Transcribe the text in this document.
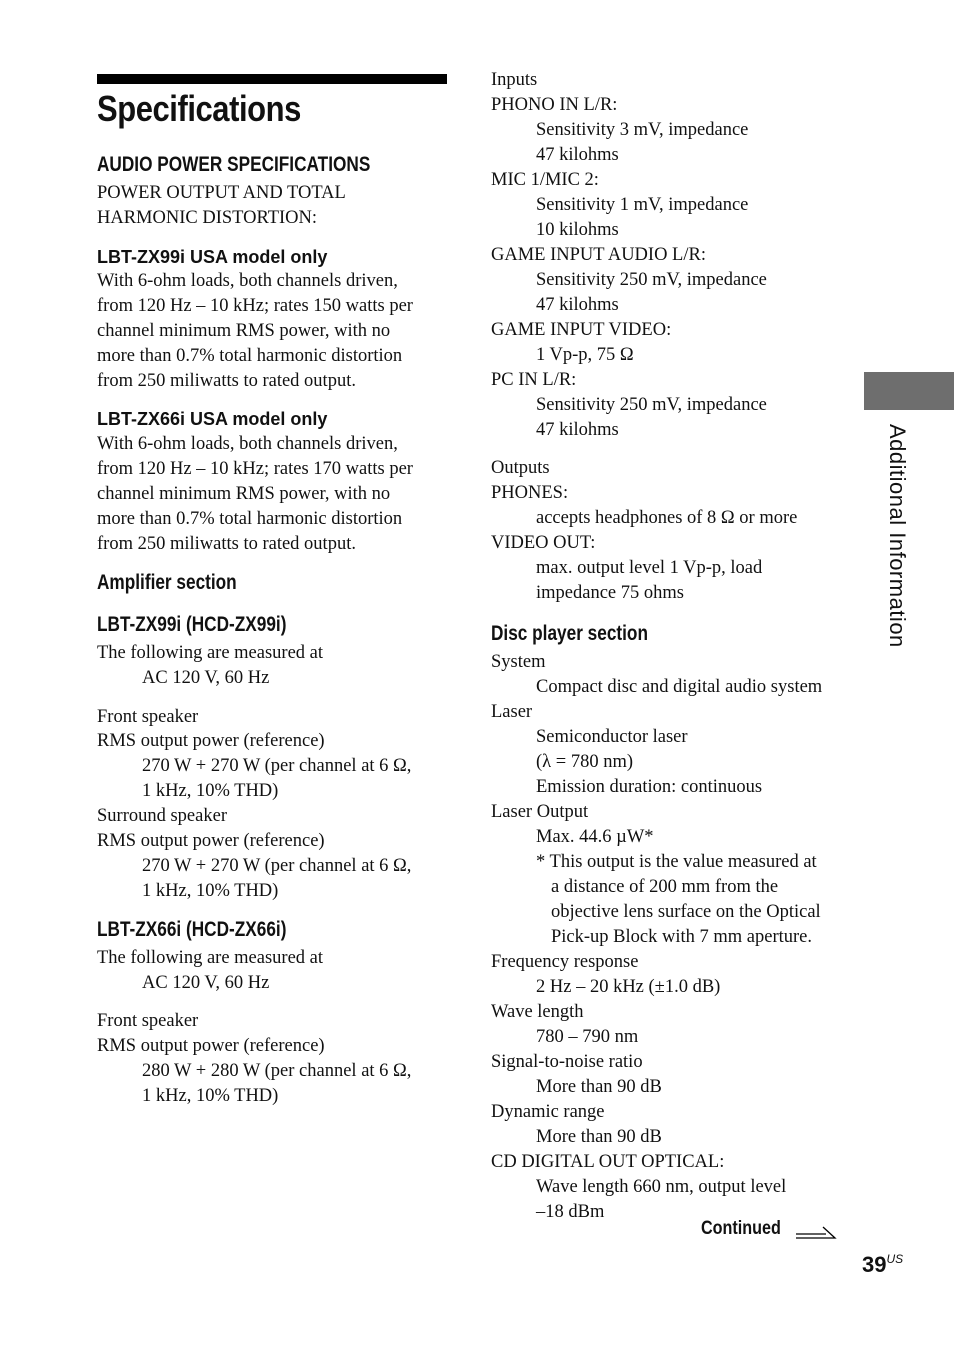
Specifications
AUDIO POWER SPECIFICATIONS
POWER OUTPUT AND TOTAL
HARMONIC DISTORTION:
LBT-ZX99i USA model only
With 6-ohm loads, both channels driven,
from 120 Hz – 10 kHz; rates 150 watts per
channel minimum RMS power, with no
more than 0.7% total harmonic distortion
from 250 miliwatts to rated output.
LBT-ZX66i USA model only
With 6-ohm loads, both channels driven,
from 120 Hz – 10 kHz; rates 170 watts per
channel minimum RMS power, with no
more than 0.7% total harmonic distortion
from 250 miliwatts to rated output.
Amplifier section
LBT-ZX99i (HCD-ZX99i)
The following are measured at
AC 120 V, 60 Hz
Front speaker
RMS output power (reference)
270 W + 270 W (per channel at 6 Ω,
1 kHz, 10% THD)
Surround speaker
RMS output power (reference)
270 W + 270 W (per channel at 6 Ω,
1 kHz, 10% THD)
LBT-ZX66i (HCD-ZX66i)
The following are measured at
AC 120 V, 60 Hz
Front speaker
RMS output power (reference)
280 W + 280 W (per channel at 6 Ω,
1 kHz, 10% THD)
Inputs
PHONO IN L/R:
Sensitivity 3 mV, impedance
47 kilohms
MIC 1/MIC 2:
Sensitivity 1 mV, impedance
10 kilohms
GAME INPUT AUDIO L/R:
Sensitivity 250 mV, impedance
47 kilohms
GAME INPUT VIDEO:
1 Vp-p, 75 Ω
PC IN L/R:
Sensitivity 250 mV, impedance
47 kilohms
Outputs
PHONES:
accepts headphones of 8 Ω or more
VIDEO OUT:
max. output level 1 Vp-p, load
impedance 75 ohms
Disc player section
System
Compact disc and digital audio system
Laser
Semiconductor laser
(λ = 780 nm)
Emission duration: continuous
Laser Output
Max. 44.6 µW*
* This output is the value measured at
a distance of 200 mm from the
objective lens surface on the Optical
Pick-up Block with 7 mm aperture.
Frequency response
2 Hz – 20 kHz (±1.0 dB)
Wave length
780 – 790 nm
Signal-to-noise ratio
More than 90 dB
Dynamic range
More than 90 dB
CD DIGITAL OUT OPTICAL:
Wave length 660 nm, output level
–18 dBm
Continued
Additional Information
$39^{US}$
